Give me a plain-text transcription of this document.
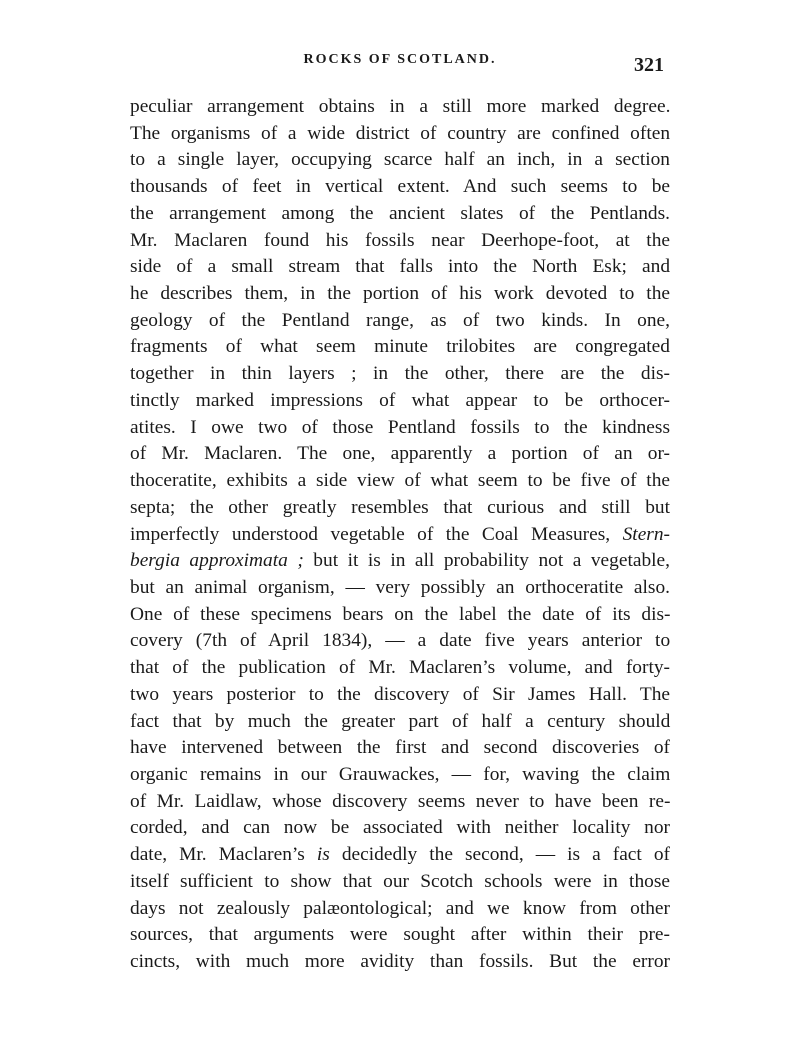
ROCKS OF SCOTLAND.	321
peculiar arrangement obtains in a still more marked degree.
The organisms of a wide district of country are confined often
to a single layer, occupying scarce half an inch, in a section
thousands of feet in vertical extent. And such seems to be
the arrangement among the ancient slates of the Pentlands.
Mr. Maclaren found his fossils near Deerhope-foot, at the
side of a small stream that falls into the North Esk; and
he describes them, in the portion of his work devoted to the
geology of the Pentland range, as of two kinds. In one,
fragments of what seem minute trilobites are congregated
together in thin layers ; in the other, there are the dis-
tinctly marked impressions of what appear to be orthocer-
atites. I owe two of those Pentland fossils to the kindness
of Mr. Maclaren. The one, apparently a portion of an or-
thoceratite, exhibits a side view of what seem to be five of the
septa; the other greatly resembles that curious and still but
imperfectly understood vegetable of the Coal Measures, Stern-
bergia approximata ; but it is in all probability not a vegetable,
but an animal organism, — very possibly an orthoceratite also.
One of these specimens bears on the label the date of its dis-
covery (7th of April 1834), — a date five years anterior to
that of the publication of Mr. Maclaren’s volume, and forty-
two years posterior to the discovery of Sir James Hall. The
fact that by much the greater part of half a century should
have intervened between the first and second discoveries of
organic remains in our Grauwackes, — for, waving the claim
of Mr. Laidlaw, whose discovery seems never to have been re-
corded, and can now be associated with neither locality nor
date, Mr. Maclaren’s is decidedly the second, — is a fact of
itself sufficient to show that our Scotch schools were in those
days not zealously palæontological; and we know from other
sources, that arguments were sought after within their pre-
cincts, with much more avidity than fossils. But the error
